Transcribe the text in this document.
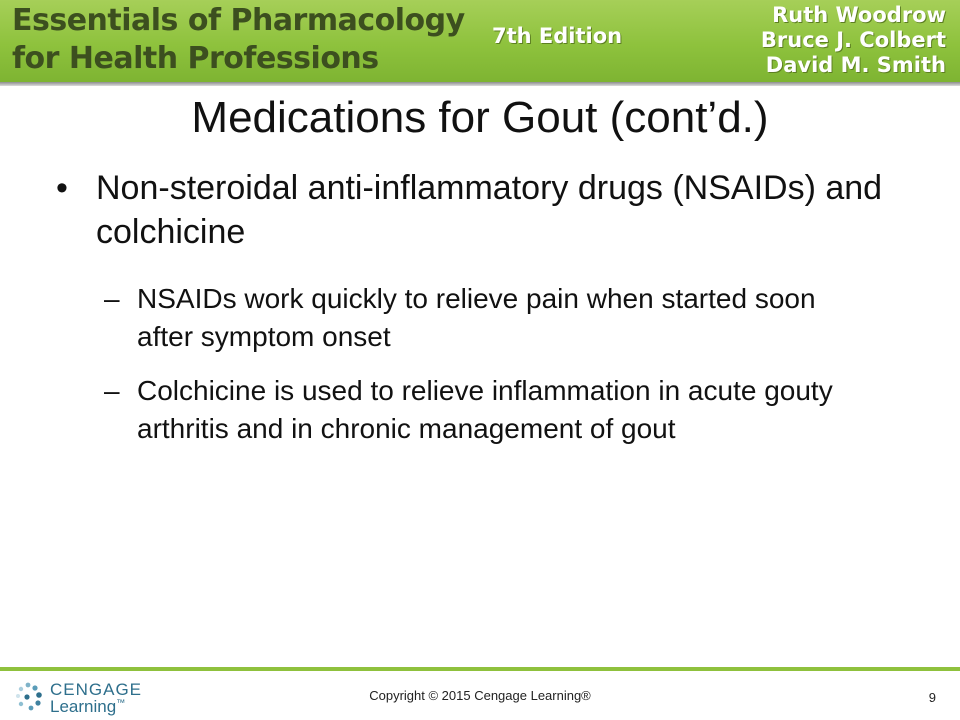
Essentials of Pharmacology
for Health Professions
7th Edition
Ruth Woodrow
Bruce J. Colbert
David M. Smith
Medications for Gout (cont’d.)
• Non-steroidal anti-inflammatory drugs (NSAIDs) and colchicine
– NSAIDs work quickly to relieve pain when started soon after symptom onset
– Colchicine is used to relieve inflammation in acute gouty arthritis and in chronic management of gout
CENGAGE
Learning™	Copyright © 2015 Cengage Learning®	9
